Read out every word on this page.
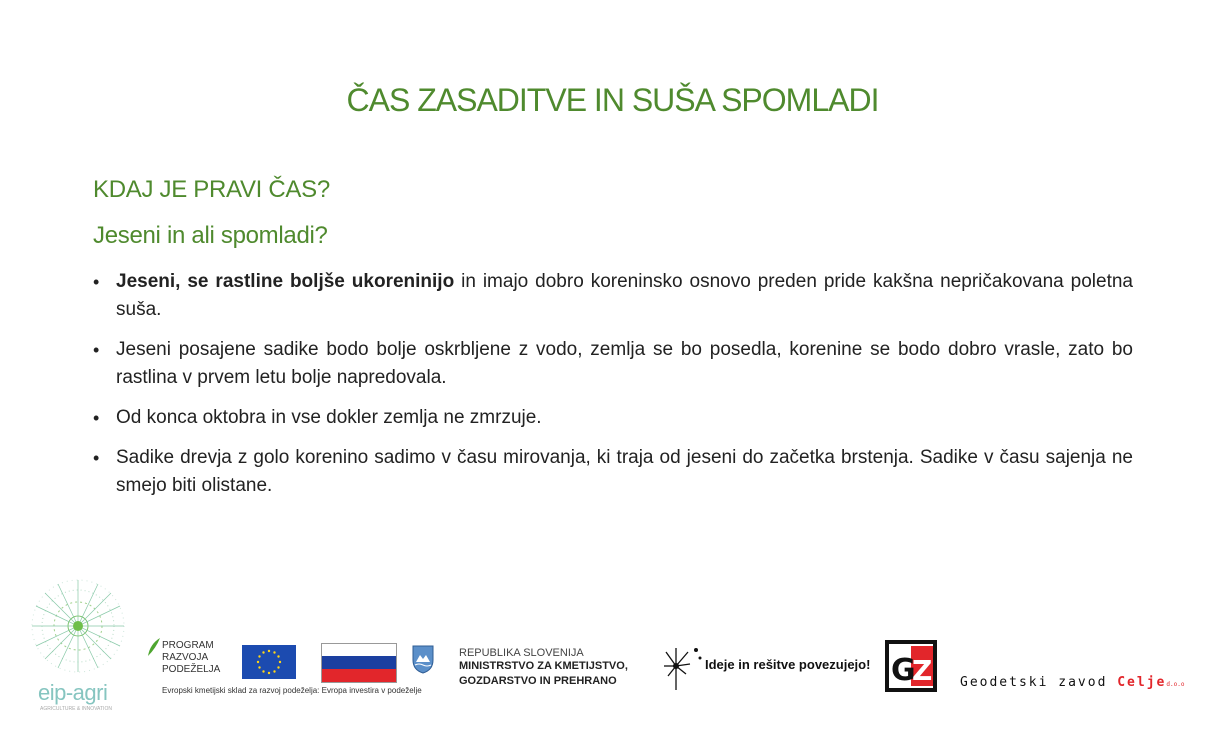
ČAS ZASADITVE IN SUŠA SPOMLADI
KDAJ JE PRAVI ČAS?
Jeseni in ali spomladi?
• Jeseni, se rastline boljše ukoreninijo in imajo dobro koreninsko osnovo preden pride kakšna nepričakovana poletna suša.
• Jeseni posajene sadike bodo bolje oskrbljene z vodo, zemlja se bo posedla, korenine se bodo dobro vrasle, zato bo rastlina v prvem letu bolje napredovala.
• Od konca oktobra in vse dokler zemlja ne zmrzuje.
• Sadike drevja z golo korenino sadimo v času mirovanja, ki traja od jeseni do začetka brstenja. Sadike v času sajenja ne smejo biti olistane.
eip-agri
AGRICULTURE & INNOVATION
PROGRAM
RAZVOJA
PODEŽELJA
Evropski kmetijski sklad za razvoj podeželja: Evropa investira v podeželje
REPUBLIKA SLOVENIJA
MINISTRSTVO ZA KMETIJSTVO,
GOZDARSTVO IN PREHRANO
Ideje in rešitve povezujejo! G
Z Geodetski zavod Celjed.o.o
